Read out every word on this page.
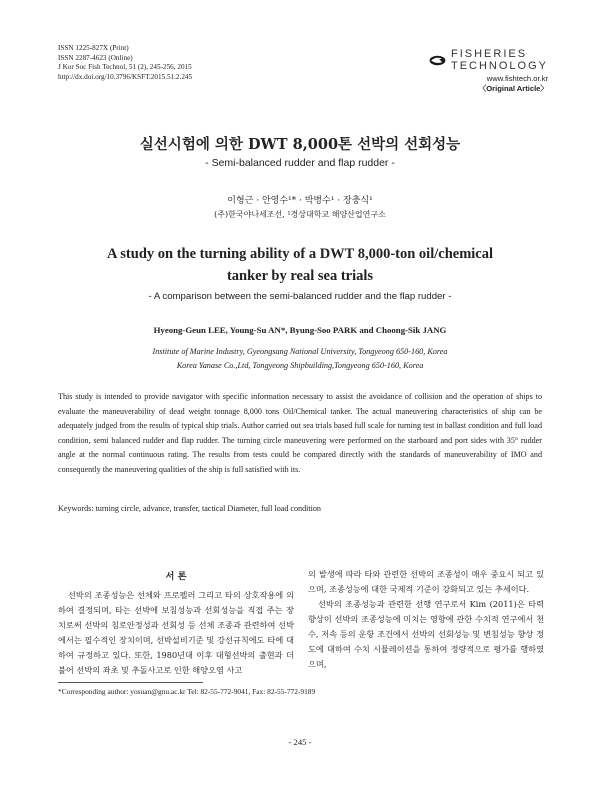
ISSN 1225-827X (Print)
ISSN 2287-4623 (Online)
J Kor Soc Fish Technol, 51 (2), 245-256, 2015
http://dx.doi.org/10.3796/KSFT.2015.51.2.245
FISHERIES
TECHNOLOGY
www.fishtech.or.kr
〈Original Article〉
실선시험에 의한 DWT 8,000톤 선박의 선회성능
- Semi-balanced rudder and flap rudder -
이형근 · 안영수¹* · 박병수¹ · 장충식¹
(주)한국야나세조선, ¹경상대학교 해양산업연구소
A study on the turning ability of a DWT 8,000-ton oil/chemical
tanker by real sea trials
- A comparison between the semi-balanced rudder and the flap rudder -
Hyeong-Geun LEE, Young-Su AN*, Byung-Soo PARK and Choong-Sik JANG
Institute of Marine Industry, Gyeongsang National University, Tongyeong 650-160, Korea
Korea Yanase Co.,Ltd, Tongyeong Shipbuilding,Tongyeong 650-160, Korea
This study is intended to provide navigator with specific information necessary to assist the avoidance of collision and the operation of ships to evaluate the maneuverability of dead weight tonnage 8,000 tons Oil/Chemical tanker. The actual maneuvering characteristics of ship can be adequately judged from the results of typical ship trials. Author carried out sea trials based full scale for turning test in ballast condition and full load condition, semi balanced rudder and flap rudder. The turning circle maneuvering were performed on the starboard and port sides with 35° rudder angle at the normal continuous rating. The results from tests could be compared directly with the standards of maneuverability of IMO and consequently the maneuvering qualities of the ship is full satisfied with its.
Keywords: turning circle, advance, transfer, tactical Diameter, full load condition
서 론

선박의 조종성능은 선체와 프로펠러 그리고 타의 상호작용에 의하여 결정되며, 타는 선박에 보침성능과 선회성능을 직접 주는 장치로써 선박의 침로안정성과 선회성 등 선체 조종과 관련하여 선박에서는 필수적인 장치이며, 선박설비기준 및 강선규칙에도 타에 대하여 규정하고 있다. 또한, 1980년대 이후 대형선박의 출현과 더불어 선박의 좌초 및 추돌사고로 인한 해양오염 사고

의 발생에 따라 타와 관련한 선박의 조종성이 매우 중요시 되고 있으며, 조종성능에 대한 국제적 기준이 강화되고 있는 추세이다.

선박의 조종성능과 관련한 선행 연구로서 Kim (2011)은 타력 향상이 선박의 조종성능에 미치는 영향에 관한 수치적 연구에서 천수, 저속 등의 운항 조건에서 선박의 선회성능 및 변침성능 향상 정도에 대하여 수치 시뮬레이션을 통하여 정량적으로 평가를 행하였으며,

*Corresponding author: yosuan@gnu.ac.kr Tel: 82-55-772-9041, Fax: 82-55-772-9189
- 245 -
